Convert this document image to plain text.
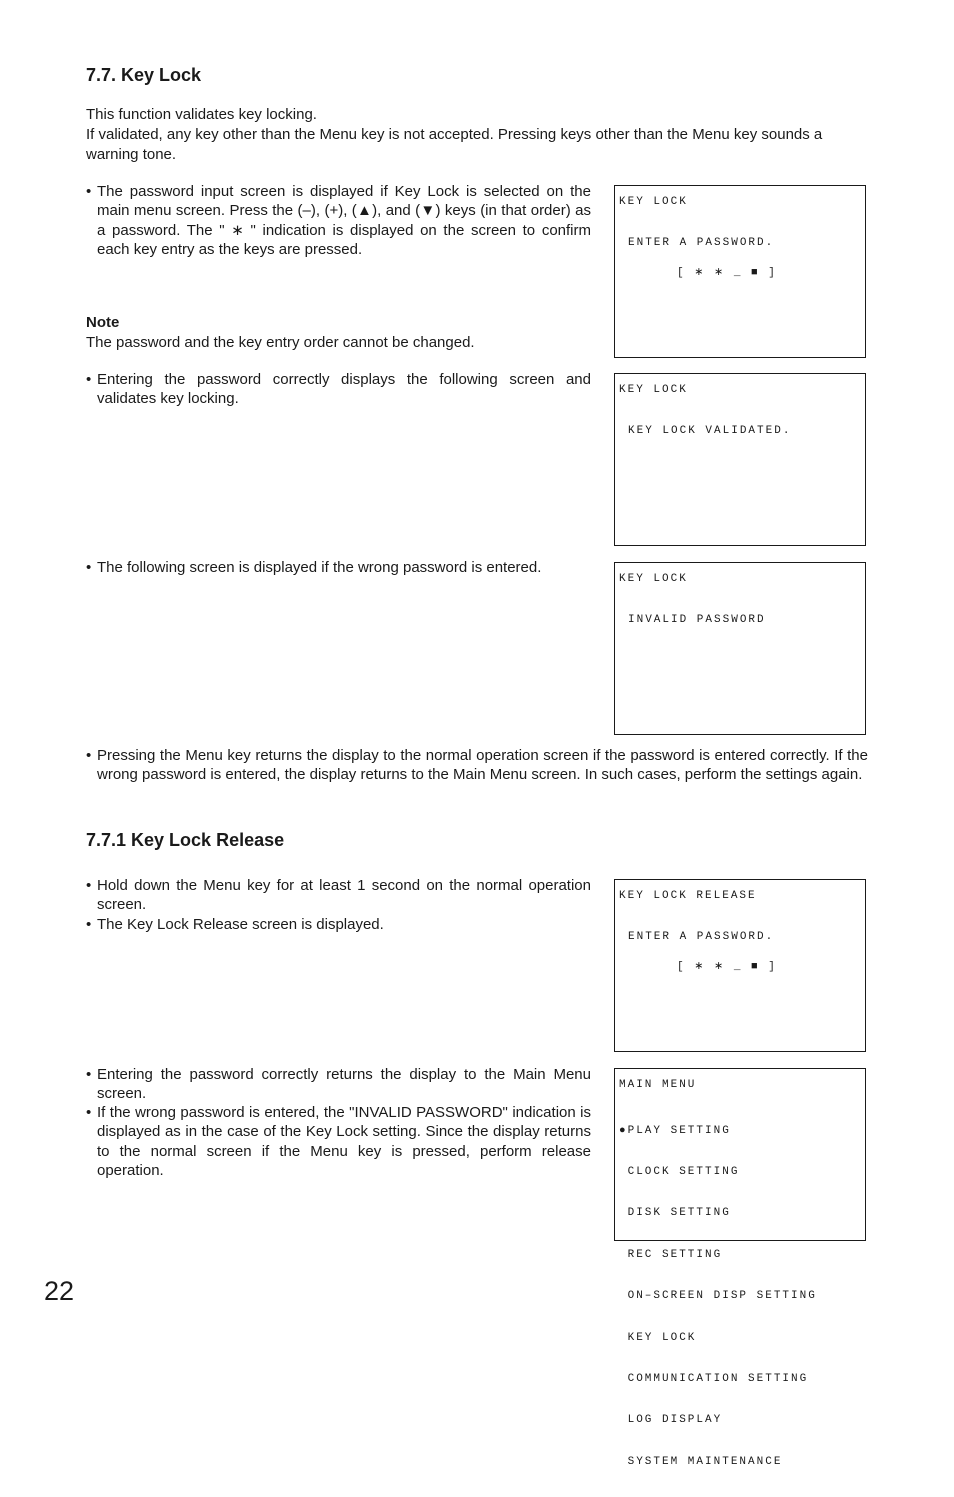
7.7. Key Lock
This function validates key locking.
If validated, any key other than the Menu key is not accepted. Pressing keys other than the Menu key sounds a warning tone.
• The password input screen is displayed if Key Lock is selected on the main menu screen. Press the (–), (+), (▲), and (▼) keys (in that order) as a password. The " ∗ " indication is displayed on the screen to confirm each key entry as the keys are pressed.
Note
The password and the key entry order cannot be changed.
• Entering the password correctly displays the following screen and validates key locking.
• The following screen is displayed if the wrong password is entered.
• Pressing the Menu key returns the display to the normal operation screen if the password is entered correctly. If the wrong password is entered, the display returns to the Main Menu screen. In such cases, perform the settings again.
7.7.1 Key Lock Release
• Hold down the Menu key for at least 1 second on the normal operation screen.
• The Key Lock Release screen is displayed.
• Entering the password correctly returns the display to the Main Menu screen.
• If the wrong password is entered, the "INVALID PASSWORD" indication is displayed as in the case of the Key Lock setting. Since the display returns to the normal screen if the Menu key is pressed, perform release operation.
KEY LOCK
ENTER A PASSWORD.
[ ∗ ∗ _ ■ ]
KEY LOCK
KEY LOCK VALIDATED.
KEY LOCK
INVALID PASSWORD
KEY LOCK RELEASE
ENTER A PASSWORD.
[ ∗ ∗ _ ■ ]
MAIN MENU

●PLAY SETTING

CLOCK SETTING

DISK SETTING

REC SETTING

ON–SCREEN DISP SETTING

KEY LOCK

COMMUNICATION SETTING

LOG DISPLAY

SYSTEM MAINTENANCE

22
